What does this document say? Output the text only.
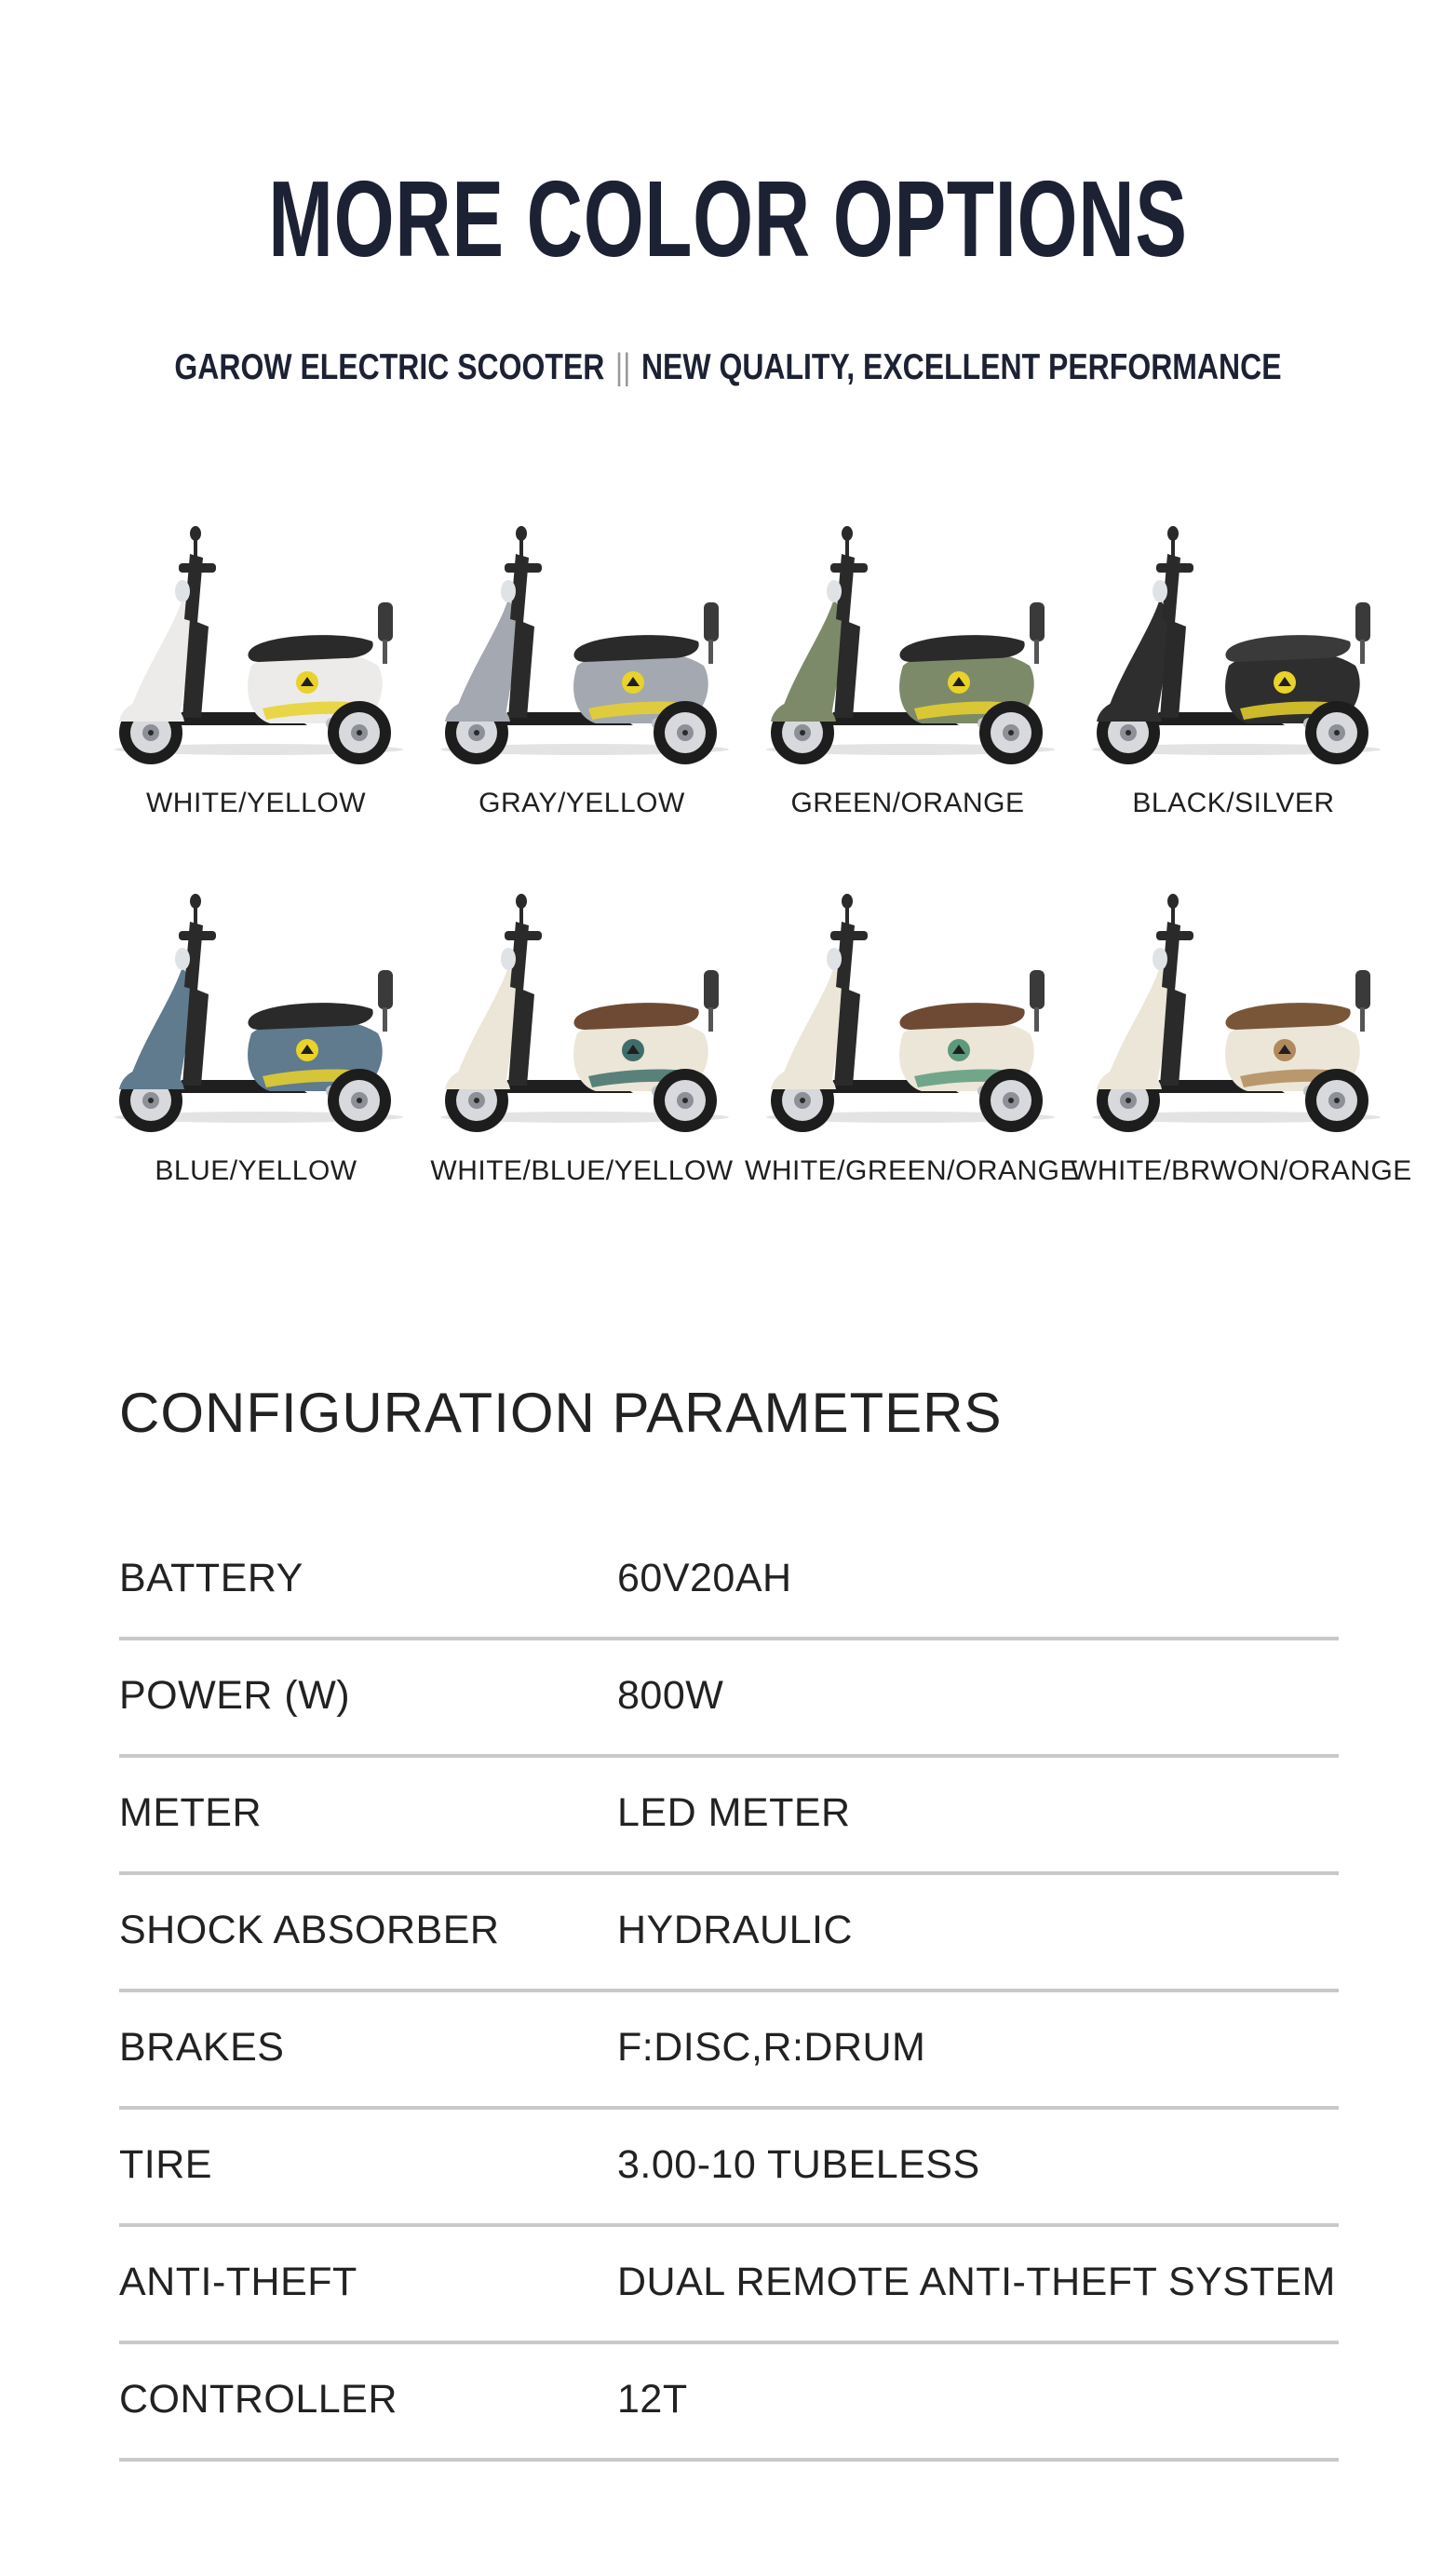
MORE COLOR OPTIONS
GAROW ELECTRIC SCOOTER || NEW QUALITY, EXCELLENT PERFORMANCE
WHITE/YELLOW	GRAY/YELLOW	GREEN/ORANGE	BLACK/SILVER
BLUE/YELLOW	WHITE/BLUE/YELLOW WHITE/GREEN/ORANGE
WHITE/BRWON/ORANGE
CONFIGURATION PARAMETERS
BATTERY	60V20AH
POWER (W)	800W
METER	LED METER
SHOCK ABSORBER	HYDRAULIC
BRAKES	F:DISC,R:DRUM
TIRE	3.00-10 TUBELESS
ANTI-THEFT	DUAL REMOTE ANTI-THEFT SYSTEM
CONTROLLER	12T
